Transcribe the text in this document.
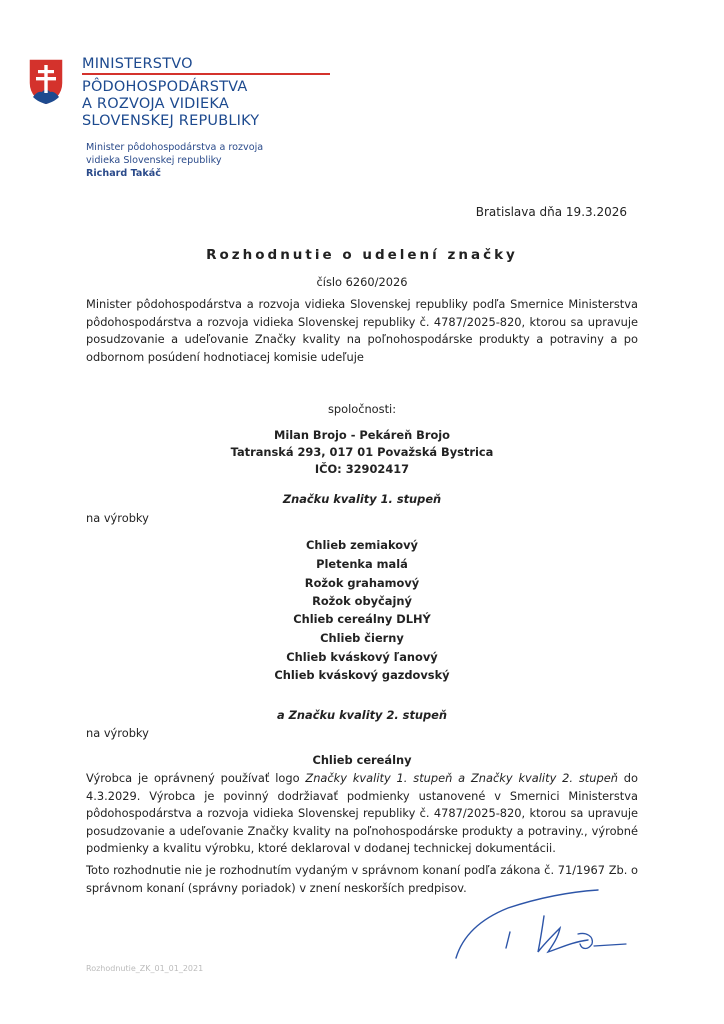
MINISTERSTVO
PÔDOHOSPODÁRSTVA
A ROZVOJA VIDIEKA
SLOVENSKEJ REPUBLIKY
Minister pôdohospodárstva a rozvoja
vidieka Slovenskej republiky
Richard Takáč
Bratislava dňa 19.3.2026
Rozhodnutie o udelení značky
číslo 6260/2026
Minister pôdohospodárstva a rozvoja vidieka Slovenskej republiky podľa Smernice Ministerstva pôdohospodárstva a rozvoja vidieka Slovenskej republiky č. 4787/2025-820, ktorou sa upravuje posudzovanie a udeľovanie Značky kvality na poľnohospodárske produkty a potraviny a po odbornom posúdení hodnotiacej komisie udeľuje
spoločnosti:
Milan Brojo - Pekáreň Brojo
Tatranská 293, 017 01 Považská Bystrica
IČO: 32902417
Značku kvality 1. stupeň
na výrobky
Chlieb zemiakový
Pletenka malá
Rožok grahamový
Rožok obyčajný
Chlieb cereálny DLHÝ
Chlieb čierny
Chlieb kváskový ľanový
Chlieb kváskový gazdovský
a Značku kvality 2. stupeň
na výrobky
Chlieb cereálny
Výrobca je oprávnený používať logo Značky kvality 1. stupeň a Značky kvality 2. stupeň do 4.3.2029. Výrobca je povinný dodržiavať podmienky ustanovené v Smernici Ministerstva pôdohospodárstva a rozvoja vidieka Slovenskej republiky č. 4787/2025-820, ktorou sa upravuje posudzovanie a udeľovanie Značky kvality na poľnohospodárske produkty a potraviny., výrobné podmienky a kvalitu výrobku, ktoré deklaroval v dodanej technickej dokumentácii.
Toto rozhodnutie nie je rozhodnutím vydaným v správnom konaní podľa zákona č. 71/1967 Zb. o správnom konaní (správny poriadok) v znení neskorších predpisov.
Rozhodnutie_ZK_01_01_2021
